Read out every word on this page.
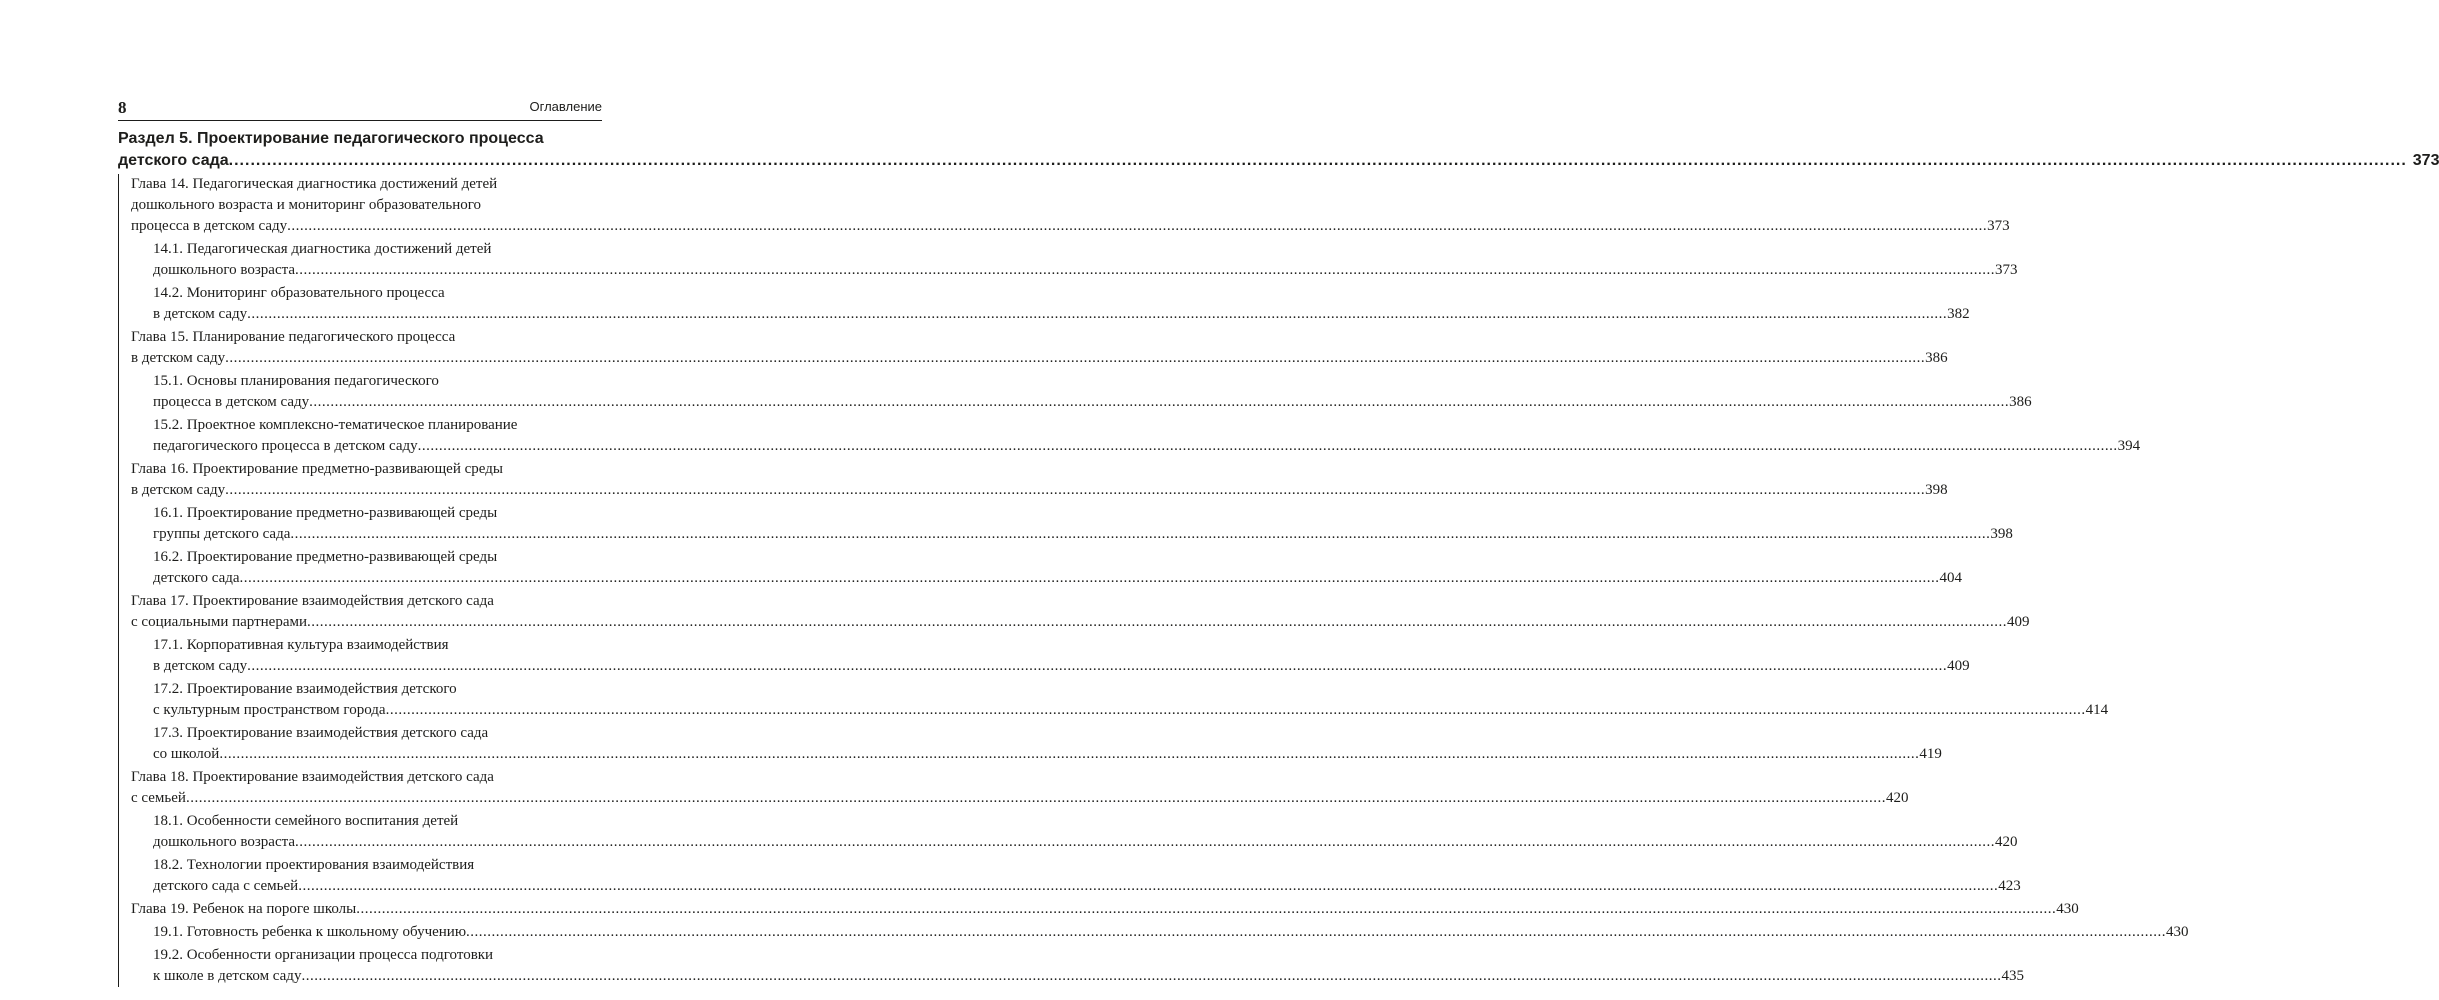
8	Оглавление
Раздел 5. Проектирование педагогического процесса
детского сада ................................................................................................................................................................................................................................................................................................................................................................................................................ 373
Глава 14. Педагогическая диагностика достижений детей
дошкольного возраста и мониторинг образовательного
процесса в детском саду ................................................................................................................................................................................................................................................................................................................................................................................................................ 373
14.1. Педагогическая диагностика достижений детей
дошкольного возраста ................................................................................................................................................................................................................................................................................................................................................................................................................ 373
14.2. Мониторинг образовательного процесса
в детском саду ................................................................................................................................................................................................................................................................................................................................................................................................................ 382
Глава 15. Планирование педагогического процесса
в детском саду ................................................................................................................................................................................................................................................................................................................................................................................................................ 386
15.1. Основы планирования педагогического
процесса в детском саду ................................................................................................................................................................................................................................................................................................................................................................................................................ 386
15.2. Проектное комплексно-тематическое планирование
педагогического процесса в детском саду ................................................................................................................................................................................................................................................................................................................................................................................................................ 394
Глава 16. Проектирование предметно-развивающей среды
в детском саду ................................................................................................................................................................................................................................................................................................................................................................................................................ 398
16.1. Проектирование предметно-развивающей среды
группы детского сада ................................................................................................................................................................................................................................................................................................................................................................................................................ 398
16.2. Проектирование предметно-развивающей среды
детского сада ................................................................................................................................................................................................................................................................................................................................................................................................................ 404
Глава 17. Проектирование взаимодействия детского сада
с социальными партнерами ................................................................................................................................................................................................................................................................................................................................................................................................................ 409
17.1. Корпоративная культура взаимодействия
в детском саду ................................................................................................................................................................................................................................................................................................................................................................................................................ 409
17.2. Проектирование взаимодействия детского
с культурным пространством города ................................................................................................................................................................................................................................................................................................................................................................................................................ 414
17.3. Проектирование взаимодействия детского сада
со школой ................................................................................................................................................................................................................................................................................................................................................................................................................ 419
Глава 18. Проектирование взаимодействия детского сада
с семьей ................................................................................................................................................................................................................................................................................................................................................................................................................ 420
18.1. Особенности семейного воспитания детей
дошкольного возраста ................................................................................................................................................................................................................................................................................................................................................................................................................ 420
18.2. Технологии проектирования взаимодействия
детского сада с семьей ................................................................................................................................................................................................................................................................................................................................................................................................................ 423
Глава 19. Ребенок на пороге школы ................................................................................................................................................................................................................................................................................................................................................................................................................ 430
19.1. Готовность ребенка к школьному обучению ................................................................................................................................................................................................................................................................................................................................................................................................................ 430
19.2. Особенности организации процесса подготовки
к школе в детском саду ................................................................................................................................................................................................................................................................................................................................................................................................................ 435
